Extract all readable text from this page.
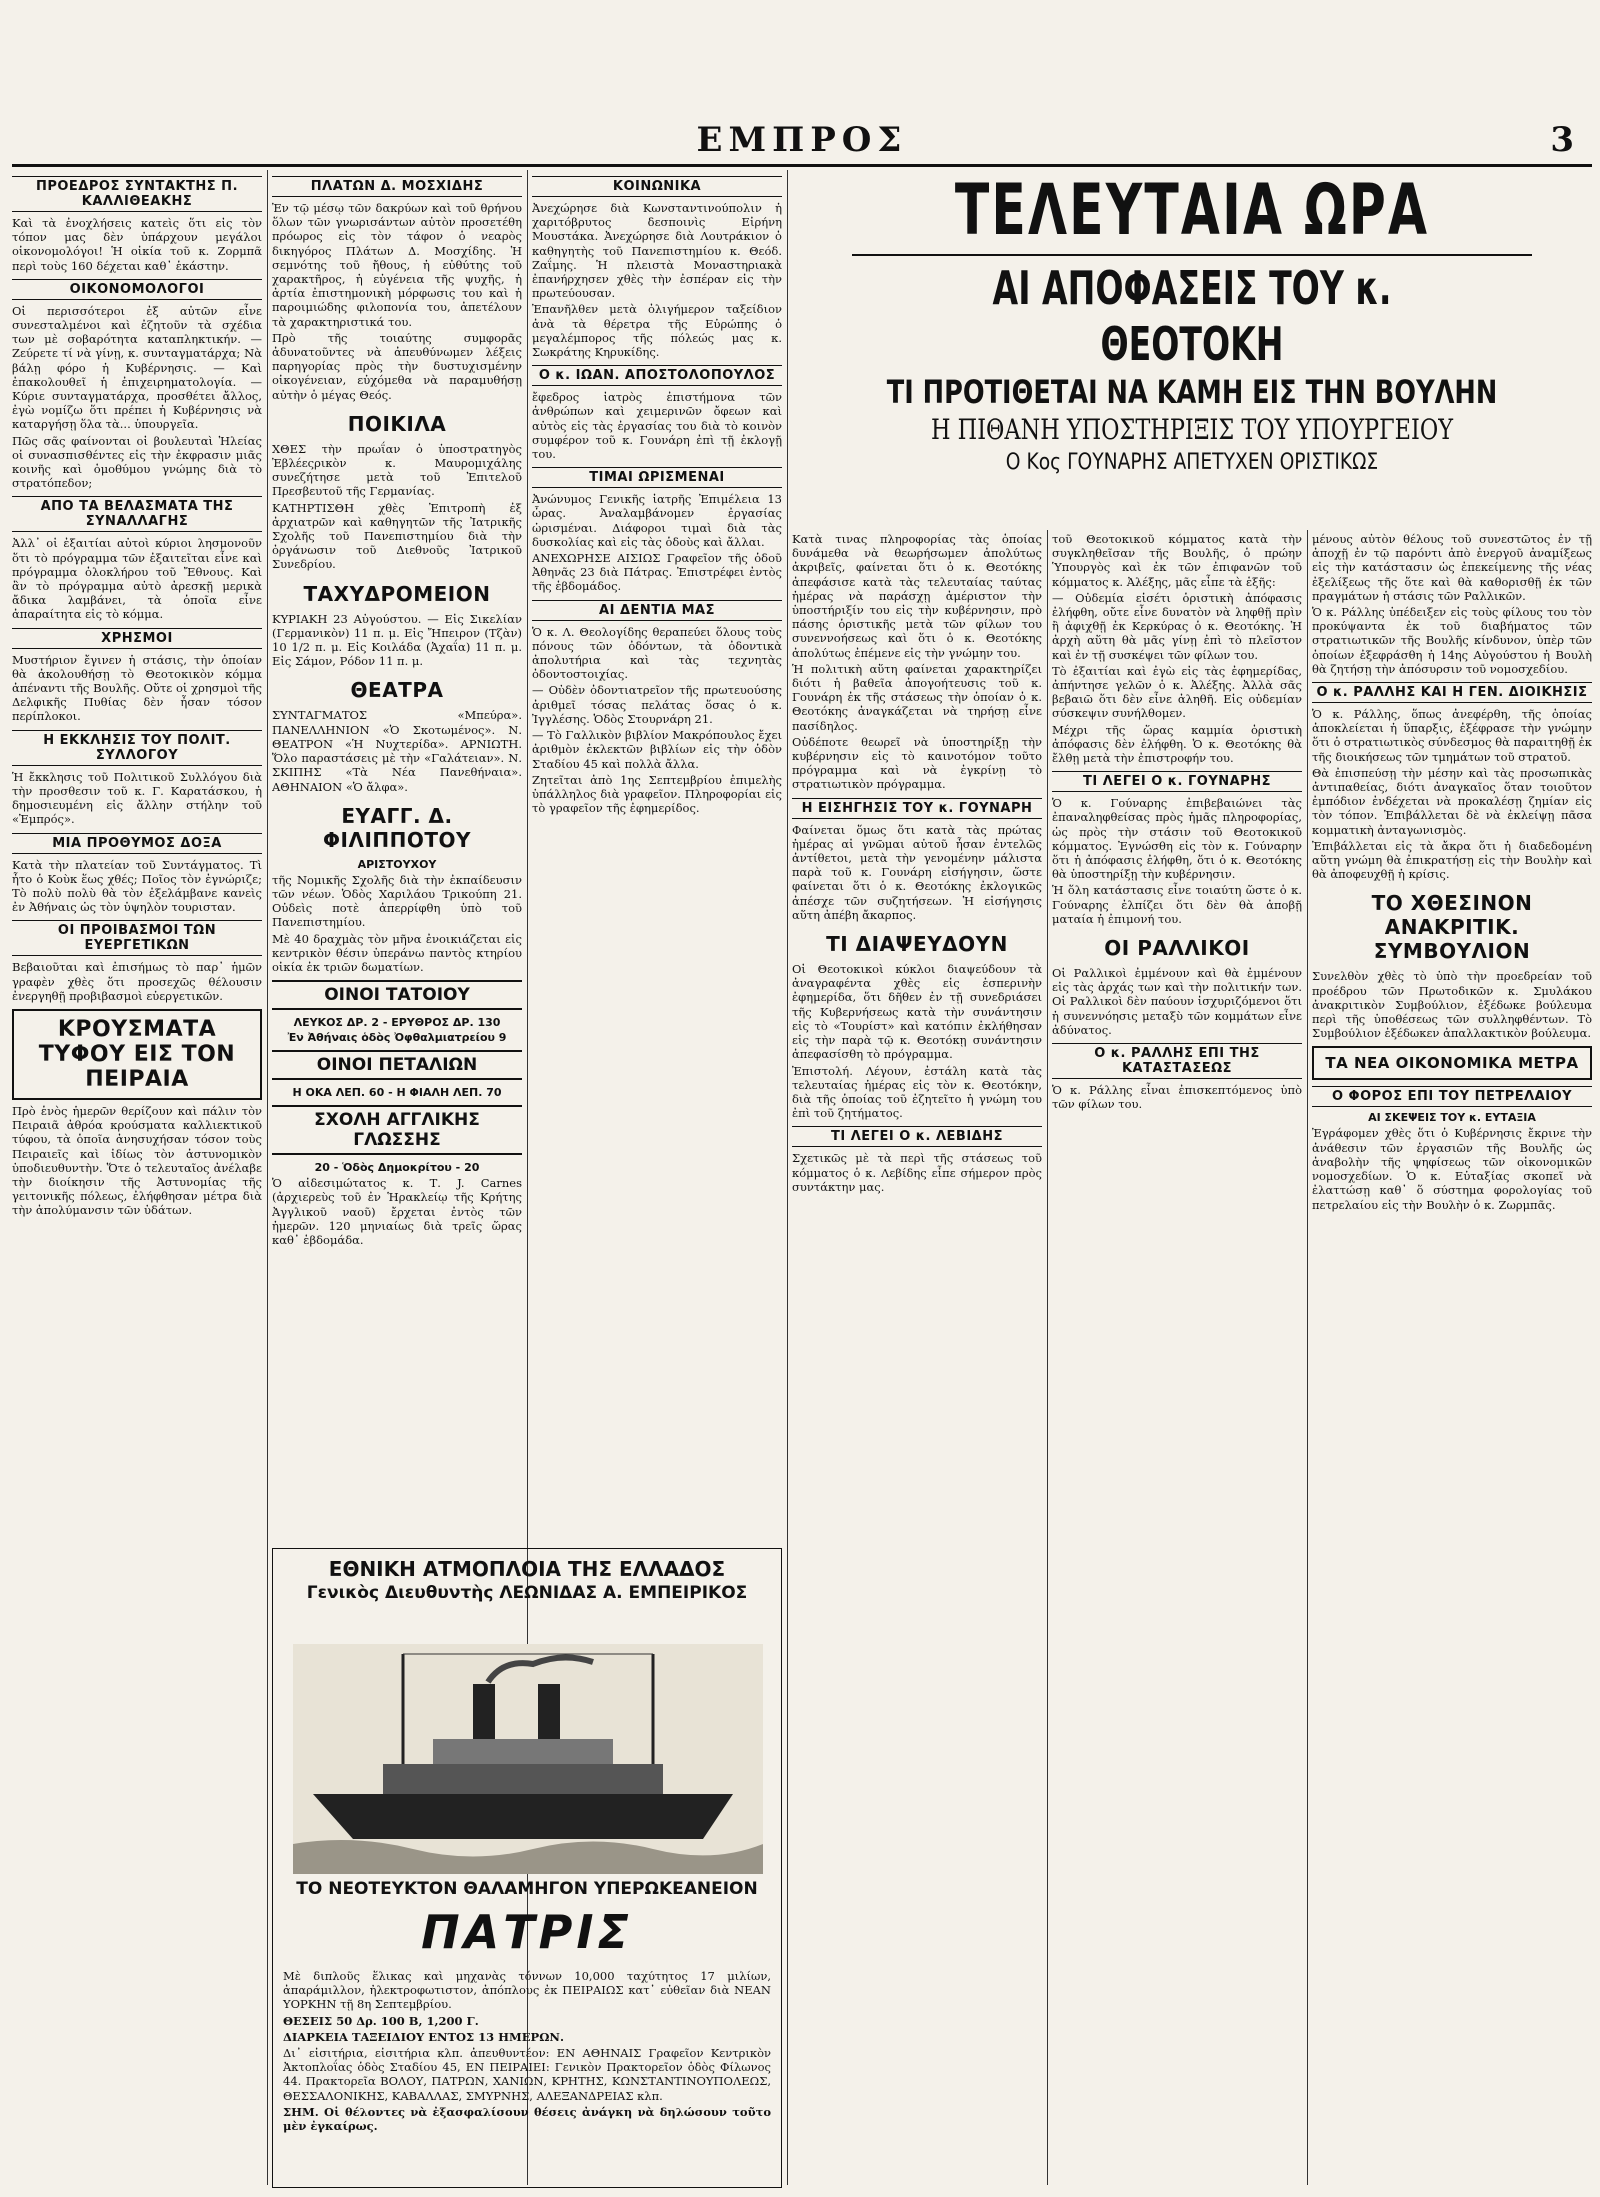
ΕΜΠΡΟΣ	3
ΠΡΟΕΔΡΟΣ ΣΥΝΤΑΚΤΗΣ Π. ΚΑΛΛΙΘΕΑΚΗΣ

Καὶ τὰ ἐνοχλήσεις κατεὶς ὅτι εἰς τὸν τόπον μας δὲν ὑπάρχουν μεγάλοι οἰκονομολόγοι! Ἡ οἰκία τοῦ κ. Ζορμπᾶ περὶ τοὺς 160 δέχεται καθ᾽ ἑκάστην.

ΟΙΚΟΝΟΜΟΛΟΓΟΙ

Οἱ περισσότεροι ἐξ αὐτῶν εἶνε συνεσταλμένοι καὶ ἐζητοῦν τὰ σχέδια των μὲ σοβαρότητα καταπληκτικήν. — Ζεύρετε τί νὰ γίνῃ, κ. συνταγματάρχα; Νὰ βάλῃ φόρο ἡ Κυβέρνησις. — Καὶ ἐπακολουθεῖ ἡ ἐπιχειρηματολογία. — Κύριε συνταγματάρχα, προσθέτει ἄλλος, ἐγὼ νομίζω ὅτι πρέπει ἡ Κυβέρνησις νὰ καταργήσῃ ὅλα τὰ... ὑπουργεῖα.

Πῶς σᾶς φαίνονται οἱ βουλευταὶ Ἡλείας οἱ συνασπισθέντες εἰς τὴν ἐκφρασιν μιᾶς κοινῆς καὶ ὁμοθύμου γνώμης διὰ τὸ στρατόπεδον;

ΑΠΟ ΤΑ ΒΕΛΑΣΜΑΤΑ ΤΗΣ ΣΥΝΑΛΛΑΓΗΣ

Ἀλλ᾽ οἱ ἐξαιτίαι αὐτοὶ κύριοι λησμονοῦν ὅτι τὸ πρόγραμμα τῶν ἐξαιτεῖται εἶνε καὶ πρόγραμμα ὁλοκλήρου τοῦ Ἔθνους. Καὶ ἂν τὸ πρόγραμμα αὐτὸ ἀρεσκῇ μερικὰ ἄδικα λαμβάνει, τὰ ὁποῖα εἶνε ἀπαραίτητα εἰς τὸ κόμμα.

ΧΡΗΣΜΟΙ

Μυστήριον ἔγινεν ἡ στάσις, τὴν ὁποίαν θὰ ἀκολουθήσῃ τὸ Θεοτοκικὸν κόμμα ἀπέναντι τῆς Βουλῆς. Οὔτε οἱ χρησμοὶ τῆς Δελφικῆς Πυθίας δὲν ἦσαν τόσον περίπλοκοι.

Η ΕΚΚΛΗΣΙΣ ΤΟΥ ΠΟΛΙΤ. ΣΥΛΛΟΓΟΥ

Ἡ ἔκκλησις τοῦ Πολιτικοῦ Συλλόγου διὰ τὴν προσθεσιν τοῦ κ. Γ. Καρατάσκου, ἡ δημοσιευμένη εἰς ἄλλην στήλην τοῦ «Ἐμπρός».

ΜΙΑ ΠΡΟΘΥΜΟΣ ΔΟΞΑ

Κατὰ τὴν πλατείαν τοῦ Συντάγματος. Τὶ ἦτο ὁ Κοὺκ ἕως χθές; Ποῖος τὸν ἐγνώριζε; Τὸ πολὺ πολὺ θὰ τὸν ἐξελάμβανε κανεὶς ἐν Ἀθήναις ὡς τὸν ὑψηλὸν τουρισταν.

ΟΙ ΠΡΟΙΒΑΣΜΟΙ ΤΩΝ ΕΥΕΡΓΕΤΙΚΩΝ

Βεβαιοῦται καὶ ἐπισήμως τὸ παρ᾽ ἡμῶν γραφὲν χθὲς ὅτι προσεχῶς θέλουσιν ἐνεργηθῇ προβιβασμοὶ εὐεργετικῶν.

ΚΡΟΥΣΜΑΤΑ ΤΥΦΟΥ ΕΙΣ ΤΟΝ ΠΕΙΡΑΙΑ

Πρὸ ἑνὸς ἡμερῶν θερίζουν καὶ πάλιν τὸν Πειραιᾶ ἀθρόα κρούσματα καλλιεκτικοῦ τύφου, τὰ ὁποῖα ἀνησυχήσαν τόσον τοὺς Πειραιεῖς καὶ ἰδίως τὸν ἀστυνομικὸν ὑποδιευθυντὴν. Ὅτε ὁ τελευταῖος ἀνέλαβε τὴν διοίκησιν τῆς Ἀστυνομίας τῆς γειτονικῆς πόλεως, ἐλήφθησαν μέτρα διὰ τὴν ἀπολύμανσιν τῶν ὑδάτων.

ΠΛΑΤΩΝ Δ. ΜΟΣΧΙΔΗΣ

Ἐν τῷ μέσῳ τῶν δακρύων καὶ τοῦ θρήνου ὅλων τῶν γνωρισάντων αὐτὸν προσετέθη πρόωρος εἰς τὸν τάφον ὁ νεαρὸς δικηγόρος Πλάτων Δ. Μοσχίδης. Ἡ σεμνότης τοῦ ἤθους, ἡ εὐθύτης τοῦ χαρακτῆρος, ἡ εὐγένεια τῆς ψυχῆς, ἡ ἀρτία ἐπιστημονικὴ μόρφωσις του καὶ ἡ παροιμιώδης φιλοπονία του, ἀπετέλουν τὰ χαρακτηριστικά του.

Πρὸ τῆς τοιαύτης συμφορᾶς ἀδυνατοῦντες νὰ ἀπευθύνωμεν λέξεις παρηγορίας πρὸς τὴν δυστυχισμένην οἰκογένειαν, εὐχόμεθα νὰ παραμυθήσῃ αὐτὴν ὁ μέγας Θεός.

ΠΟΙΚΙΛΑ

ΧΘΕΣ τὴν πρωΐαν ὁ ὑποστρατηγὸς Ἐβλέεςρικὸν κ. Μαυρομιχάλης συνεζήτησε μετὰ τοῦ Ἐπιτελοῦ Πρεσβευτοῦ τῆς Γερμανίας.

ΚΑΤΗΡΤΙΣΘΗ χθὲς Ἐπιτροπὴ ἐξ ἀρχιατρῶν καὶ καθηγητῶν τῆς Ἰατρικῆς Σχολῆς τοῦ Πανεπιστημίου διὰ τὴν ὀργάνωσιν τοῦ Διεθνοῦς Ἰατρικοῦ Συνεδρίου.

ΤΑΧΥΔΡΟΜΕΙΟΝ

ΚΥΡΙΑΚΗ 23 Αὐγούστου. — Εἰς Σικελίαν (Γερμανικὸν) 11 π. μ. Εἰς Ἤπειρον (Τζὰν) 10 1/2 π. μ. Εἰς Κοιλάδα (Ἀχαΐα) 11 π. μ. Εἰς Σάμον, Ρόδον 11 π. μ.

ΘΕΑΤΡΑ

ΣΥΝΤΑΓΜΑΤΟΣ «Μπεύρα». ΠΑΝΕΛΛΗΝΙΟΝ «Ὁ Σκοτωμένος». Ν. ΘΕΑΤΡΟΝ «Ἡ Νυχτερίδα». ΑΡΝΙΩΤΗ. Ὅλο παραστάσεις μὲ τὴν «Γαλάτειαν». Ν. ΣΚΙΠΗΣ «Τὰ Νέα Πανεθήναια». ΑΘΗΝΑΙΟΝ «Ὁ ἄλφα».

ΕΥΑΓΓ. Δ. ΦΙΛΙΠΠΟΤΟΥ
ΑΡΙΣΤΟΥΧΟΥ

τῆς Νομικῆς Σχολῆς διὰ τὴν ἐκπαίδευσιν τῶν νέων. Ὁδὸς Χαριλάου Τρικούπη 21. Οὐδεὶς ποτὲ ἀπερρίφθη ὑπὸ τοῦ Πανεπιστημίου.

Μὲ 40 δραχμὰς τὸν μῆνα ἐνοικιάζεται εἰς κεντρικὸν θέσιν ὑπεράνω παντὸς κτηρίου οἰκία ἐκ τριῶν δωματίων.

ΟΙΝΟΙ ΤΑΤΟΙΟΥ
ΛΕΥΚΟΣ ΔΡ. 2 - ΕΡΥΘΡΟΣ ΔΡ. 130
Ἐν Ἀθήναις ὁδὸς Ὀφθαλμιατρείου 9
ΟΙΝΟΙ ΠΕΤΑΛΙΩΝ
Η ΟΚΑ ΛΕΠ. 60 - Η ΦΙΑΛΗ ΛΕΠ. 70
ΣΧΟΛΗ ΑΓΓΛΙΚΗΣ ΓΛΩΣΣΗΣ
20 - Ὁδὸς Δημοκρίτου - 20

Ὁ αἰδεσιμώτατος κ. Τ. J. Carnes (ἀρχιερεὺς τοῦ ἐν Ἡρακλείῳ τῆς Κρήτης Ἀγγλικοῦ ναοῦ) ἔρχεται ἐντὸς τῶν ἡμερῶν. 120 μηνιαίως διὰ τρεῖς ὥρας καθ᾽ ἑβδομάδα.

ΚΟΙΝΩΝΙΚΑ

Ἀνεχώρησε διὰ Κωνσταντινούπολιν ἡ χαριτόβρυτος δεσποινὶς Εἰρήνη Μουστάκα. Ἀνεχώρησε διὰ Λουτράκιον ὁ καθηγητὴς τοῦ Πανεπιστημίου κ. Θεόδ. Ζαΐμης. Ἡ πλειστὰ Μοναστηριακὰ ἐπανήρχησεν χθὲς τὴν ἐσπέραν εἰς τὴν πρωτεύουσαν.

Ἐπανῆλθεν μετὰ ὀλιγήμερον ταξείδιον ἀνὰ τὰ θέρετρα τῆς Εὐρώπης ὁ μεγαλέμπορος τῆς πόλεώς μας κ. Σωκράτης Κηρυκίδης.

Ο κ. ΙΩΑΝ. ΑΠΟΣΤΟΛΟΠΟΥΛΟΣ

ἔφεδρος ἰατρὸς ἐπιστήμονα τῶν ἀνθρώπων καὶ χειμερινῶν ὄφεων καὶ αὐτὸς εἰς τὰς ἐργασίας του διὰ τὸ κοινὸν συμφέρον τοῦ κ. Γουνάρη ἐπὶ τῇ ἐκλογῇ του.

ΤΙΜΑΙ ΩΡΙΣΜΕΝΑΙ

Ἀνώνυμος Γενικῆς ἰατρῆς Ἐπιμέλεια 13 ὧρας. Ἀναλαμβάνομεν ἐργασίας ὠρισμέναι. Διάφοροι τιμαὶ διὰ τὰς δυσκολίας καὶ εἰς τὰς ὁδοὺς καὶ ἄλλαι.

ΑΝΕΧΩΡΗΣΕ ΑΙΣΙΩΣ Γραφεῖον τῆς ὁδοῦ Ἀθηνᾶς 23 διὰ Πάτρας. Ἐπιστρέφει ἐντὸς τῆς ἑβδομάδος.

ΑΙ ΔΕΝΤΙΑ ΜΑΣ

Ὁ κ. Λ. Θεολογίδης θεραπεύει ὅλους τοὺς πόνους τῶν ὀδόντων, τὰ ὀδοντικὰ ἀπολυτήρια καὶ τὰς τεχνητὰς ὀδοντοστοιχίας.

— Οὐδὲν ὀδοντιατρεῖον τῆς πρωτευούσης ἀριθμεῖ τόσας πελάτας ὅσας ὁ κ. Ἰγγλέσης. Ὁδὸς Στουρνάρη 21.

— Τὸ Γαλλικὸν βιβλίον Μακρόπουλος ἔχει ἀριθμὸν ἐκλεκτῶν βιβλίων εἰς τὴν ὁδὸν Σταδίου 45 καὶ πολλὰ ἄλλα.

Ζητεῖται ἀπὸ 1ης Σεπτεμβρίου ἐπιμελὴς ὑπάλληλος διὰ γραφεῖον. Πληροφορίαι εἰς τὸ γραφεῖον τῆς ἐφημερίδος.

ΤΕΛΕΥΤΑΙΑ ΩΡΑ
ΑΙ ΑΠΟΦΑΣΕΙΣ ΤΟΥ κ. ΘΕΟΤΟΚΗ
ΤΙ ΠΡΟΤΙΘΕΤΑΙ ΝΑ ΚΑΜΗ ΕΙΣ ΤΗΝ ΒΟΥΛΗΝ
Η ΠΙΘΑΝΗ ΥΠΟΣΤΗΡΙΞΙΣ ΤΟΥ ΥΠΟΥΡΓΕΙΟΥ
Ο Κος ΓΟΥΝΑΡΗΣ ΑΠΕΤΥΧΕΝ ΟΡΙΣΤΙΚΩΣ

Κατὰ τινας πληροφορίας τὰς ὁποίας δυνάμεθα νὰ θεωρήσωμεν ἀπολύτως ἀκριβεῖς, φαίνεται ὅτι ὁ κ. Θεοτόκης ἀπεφάσισε κατὰ τὰς τελευταίας ταύτας ἡμέρας νὰ παράσχῃ ἀμέριστον τὴν ὑποστήριξίν του εἰς τὴν κυβέρνησιν, πρὸ πάσης ὁριστικῆς μετὰ τῶν φίλων του συνεννοήσεως καὶ ὅτι ὁ κ. Θεοτόκης ἀπολύτως ἐπέμενε εἰς τὴν γνώμην του.

Ἡ πολιτικὴ αὕτη φαίνεται χαρακτηρίζει διότι ἡ βαθεῖα ἀπογοήτευσις τοῦ κ. Γουνάρη ἐκ τῆς στάσεως τὴν ὁποίαν ὁ κ. Θεοτόκης ἀναγκάζεται νὰ τηρήσῃ εἶνε πασίδηλος.

Οὐδέποτε θεωρεῖ νὰ ὑποστηρίξῃ τὴν κυβέρνησιν εἰς τὸ καινοτόμον τοῦτο πρόγραμμα καὶ νὰ ἐγκρίνῃ τὸ στρατιωτικὸν πρόγραμμα.

Η ΕΙΣΗΓΗΣΙΣ ΤΟΥ κ. ΓΟΥΝΑΡΗ

Φαίνεται ὅμως ὅτι κατὰ τὰς πρώτας ἡμέρας αἱ γνῶμαι αὐτοῦ ἦσαν ἐντελῶς ἀντίθετοι, μετὰ τὴν γενομένην μάλιστα παρὰ τοῦ κ. Γουνάρη εἰσήγησιν, ὥστε φαίνεται ὅτι ὁ κ. Θεοτόκης ἐκλογικῶς ἀπέσχε τῶν συζητήσεων. Ἡ εἰσήγησις αὕτη ἀπέβη ἄκαρπος.

ΤΙ ΔΙΑΨΕΥΔΟΥΝ

Οἱ Θεοτοκικοὶ κύκλοι διαψεύδουν τὰ ἀναγραφέντα χθὲς εἰς ἑσπερινὴν ἐφημερίδα, ὅτι δῆθεν ἐν τῇ συνεδριάσει τῆς Κυβερνήσεως κατὰ τὴν συνάντησιν εἰς τὸ «Τουρίστ» καὶ κατόπιν ἐκλήθησαν εἰς τὴν παρὰ τῷ κ. Θεοτόκῃ συνάντησιν ἀπεφασίσθη τὸ πρόγραμμα.

Ἐπιστολή. Λέγουν, ἐστάλη κατὰ τὰς τελευταίας ἡμέρας εἰς τὸν κ. Θεοτόκην, διὰ τῆς ὁποίας τοῦ ἐζητεῖτο ἡ γνώμη του ἐπὶ τοῦ ζητήματος.

ΤΙ ΛΕΓΕΙ Ο κ. ΛΕΒΙΔΗΣ

Σχετικῶς μὲ τὰ περὶ τῆς στάσεως τοῦ κόμματος ὁ κ. Λεβίδης εἶπε σήμερον πρὸς συντάκτην μας.

τοῦ Θεοτοκικοῦ κόμματος κατὰ τὴν συγκληθεῖσαν τῆς Βουλῆς, ὁ πρώην Ὑπουργὸς καὶ ἐκ τῶν ἐπιφανῶν τοῦ κόμματος κ. Ἀλέξης, μᾶς εἶπε τὰ ἑξῆς:

— Οὐδεμία εἰσέτι ὁριστικὴ ἀπόφασις ἐλήφθη, οὔτε εἶνε δυνατὸν νὰ ληφθῇ πρὶν ἢ ἀφιχθῇ ἐκ Κερκύρας ὁ κ. Θεοτόκης. Ἡ ἀρχὴ αὕτη θὰ μᾶς γίνῃ ἐπὶ τὸ πλεῖστον καὶ ἐν τῇ συσκέψει τῶν φίλων του.

Τὸ ἐξαιτίαι καὶ ἐγὼ εἰς τὰς ἐφημερίδας, ἀπήντησε γελῶν ὁ κ. Ἀλέξης. Ἀλλὰ σᾶς βεβαιῶ ὅτι δὲν εἶνε ἀληθῆ. Εἰς οὐδεμίαν σύσκεψιν συνήλθομεν.

Μέχρι τῆς ὥρας καμμία ὁριστικὴ ἀπόφασις δὲν ἐλήφθη. Ὁ κ. Θεοτόκης θὰ ἔλθῃ μετὰ τὴν ἐπιστροφήν του.

ΤΙ ΛΕΓΕΙ Ο κ. ΓΟΥΝΑΡΗΣ

Ὁ κ. Γούναρης ἐπιβεβαιώνει τὰς ἐπαναληφθείσας πρὸς ἡμᾶς πληροφορίας, ὡς πρὸς τὴν στάσιν τοῦ Θεοτοκικοῦ κόμματος. Ἐγνώσθη εἰς τὸν κ. Γούναρην ὅτι ἡ ἀπόφασις ἐλήφθη, ὅτι ὁ κ. Θεοτόκης θὰ ὑποστηρίξῃ τὴν κυβέρνησιν.

Ἡ ὅλη κατάστασις εἶνε τοιαύτη ὥστε ὁ κ. Γούναρης ἐλπίζει ὅτι δὲν θὰ ἀποβῇ ματαία ἡ ἐπιμονή του.

ΟΙ ΡΑΛΛΙΚΟΙ

Οἱ Ραλλικοὶ ἐμμένουν καὶ θὰ ἐμμένουν εἰς τὰς ἀρχάς των καὶ τὴν πολιτικήν των. Οἱ Ραλλικοὶ δὲν παύουν ἰσχυριζόμενοι ὅτι ἡ συνεννόησις μεταξὺ τῶν κομμάτων εἶνε ἀδύνατος.

Ο κ. ΡΑΛΛΗΣ ΕΠΙ ΤΗΣ ΚΑΤΑΣΤΑΣΕΩΣ

Ὁ κ. Ράλλης εἶναι ἐπισκεπτόμενος ὑπὸ τῶν φίλων του.

μένους αὐτὸν θέλους τοῦ συνεστῶτος ἐν τῇ ἀποχῇ ἐν τῷ παρόντι ἀπὸ ἐνεργοῦ ἀναμίξεως εἰς τὴν κατάστασιν ὡς ἐπεκείμενης τῆς νέας ἐξελίξεως τῆς ὅτε καὶ θὰ καθορισθῇ ἐκ τῶν πραγμάτων ἡ στάσις τῶν Ραλλικῶν.

Ὁ κ. Ράλλης ὑπέδειξεν εἰς τοὺς φίλους του τὸν προκύψαντα ἐκ τοῦ διαβήματος τῶν στρατιωτικῶν τῆς Βουλῆς κίνδυνον, ὑπὲρ τῶν ὁποίων ἐξεφράσθη ἡ 14ης Αὐγούστου ἡ Βουλὴ θὰ ζητήσῃ τὴν ἀπόσυρσιν τοῦ νομοσχεδίου.

Ο κ. ΡΑΛΛΗΣ ΚΑΙ Η ΓΕΝ. ΔΙΟΙΚΗΣΙΣ

Ὁ κ. Ράλλης, ὅπως ἀνεφέρθη, τῆς ὁποίας ἀποκλείεται ἡ ὕπαρξις, ἐξέφρασε τὴν γνώμην ὅτι ὁ στρατιωτικὸς σύνδεσμος θὰ παραιτηθῇ ἐκ τῆς διοικήσεως τῶν τμημάτων τοῦ στρατοῦ.

Θὰ ἐπισπεύσῃ τὴν μέσην καὶ τὰς προσωπικὰς ἀντιπαθείας, διότι ἀναγκαῖος ὅταν τοιοῦτον ἐμπόδιον ἐνδέχεται νὰ προκαλέσῃ ζημίαν εἰς τὸν τόπον. Ἐπιβάλλεται δὲ νὰ ἐκλείψῃ πᾶσα κομματικὴ ἀνταγωνισμὸς.

Ἐπιβάλλεται εἰς τὰ ἄκρα ὅτι ἡ διαδεδομένη αὕτη γνώμη θὰ ἐπικρατήσῃ εἰς τὴν Βουλὴν καὶ θὰ ἀποφευχθῇ ἡ κρίσις.

ΤΟ ΧΘΕΣΙΝΟΝ ΑΝΑΚΡΙΤΙΚ. ΣΥΜΒΟΥΛΙΟΝ

Συνελθὸν χθὲς τὸ ὑπὸ τὴν προεδρείαν τοῦ προέδρου τῶν Πρωτοδικῶν κ. Σμυλάκου ἀνακριτικὸν Συμβούλιον, ἐξέδωκε βούλευμα περὶ τῆς ὑποθέσεως τῶν συλληφθέντων. Τὸ Συμβούλιον ἐξέδωκεν ἀπαλλακτικὸν βούλευμα.

ΤΑ ΝΕΑ ΟΙΚΟΝΟΜΙΚΑ ΜΕΤΡΑ
Ο ΦΟΡΟΣ ΕΠΙ ΤΟΥ ΠΕΤΡΕΛΑΙΟΥ
ΑΙ ΣΚΕΨΕΙΣ ΤΟΥ κ. ΕΥΤΑΞΙΑ

Ἐγράφομεν χθὲς ὅτι ὁ Κυβέρνησις ἔκρινε τὴν ἀνάθεσιν τῶν ἐργασιῶν τῆς Βουλῆς ὡς ἀναβολὴν τῆς ψηφίσεως τῶν οἰκονομικῶν νομοσχεδίων. Ὁ κ. Εὐταξίας σκοπεῖ νὰ ἐλαττώσῃ καθ᾽ ὅ σύστημα φορολογίας τοῦ πετρελαίου εἰς τὴν Βουλὴν ὁ κ. Ζωρμπᾶς.

ΕΘΝΙΚΗ ΑΤΜΟΠΛΟΙΑ ΤΗΣ ΕΛΛΑΔΟΣ
Γενικὸς Διευθυντὴς ΛΕΩΝΙΔΑΣ Α. ΕΜΠΕΙΡΙΚΟΣ
ΤΟ ΝΕΟΤΕΥΚΤΟΝ ΘΑΛΑΜΗΓΟΝ ΥΠΕΡΩΚΕΑΝΕΙΟΝ
ΠΑΤΡΙΣ

Μὲ διπλοῦς ἕλικας καὶ μηχανὰς τόννων 10,000 ταχύτητος 17 μιλίων, ἀπαράμιλλον, ἠλεκτροφωτιστον, ἀπόπλους ἐκ ΠΕΙΡΑΙΩΣ κατ᾽ εὐθεῖαν διὰ ΝΕΑΝ ΥΟΡΚΗΝ τῇ 8η Σεπτεμβρίου.

ΘΕΣΕΙΣ 50 Δρ. 100 Β, 1,200 Γ.

ΔΙΑΡΚΕΙΑ ΤΑΞΕΙΔΙΟΥ ΕΝΤΟΣ 13 ΗΜΕΡΩΝ.

Δι᾽ εἰσιτήρια, εἰσιτήρια κλπ. ἀπευθυντέον: ΕΝ ΑΘΗΝΑΙΣ Γραφεῖον Κεντρικὸν Ἀκτοπλοΐας ὁδὸς Σταδίου 45, ΕΝ ΠΕΙΡΑΙΕΙ: Γενικὸν Πρακτορεῖον ὁδὸς Φίλωνος 44. Πρακτορεῖα ΒΟΛΟΥ, ΠΑΤΡΩΝ, ΧΑΝΙΩΝ, ΚΡΗΤΗΣ, ΚΩΝΣΤΑΝΤΙΝΟΥΠΟΛΕΩΣ, ΘΕΣΣΑΛΟΝΙΚΗΣ, ΚΑΒΑΛΛΑΣ, ΣΜΥΡΝΗΣ, ΑΛΕΞΑΝΔΡΕΙΑΣ κλπ.

ΣΗΜ. Οἱ θέλοντες νὰ ἐξασφαλίσουν θέσεις ἀνάγκη νὰ δηλώσουν τοῦτο μὲν ἐγκαίρως.
